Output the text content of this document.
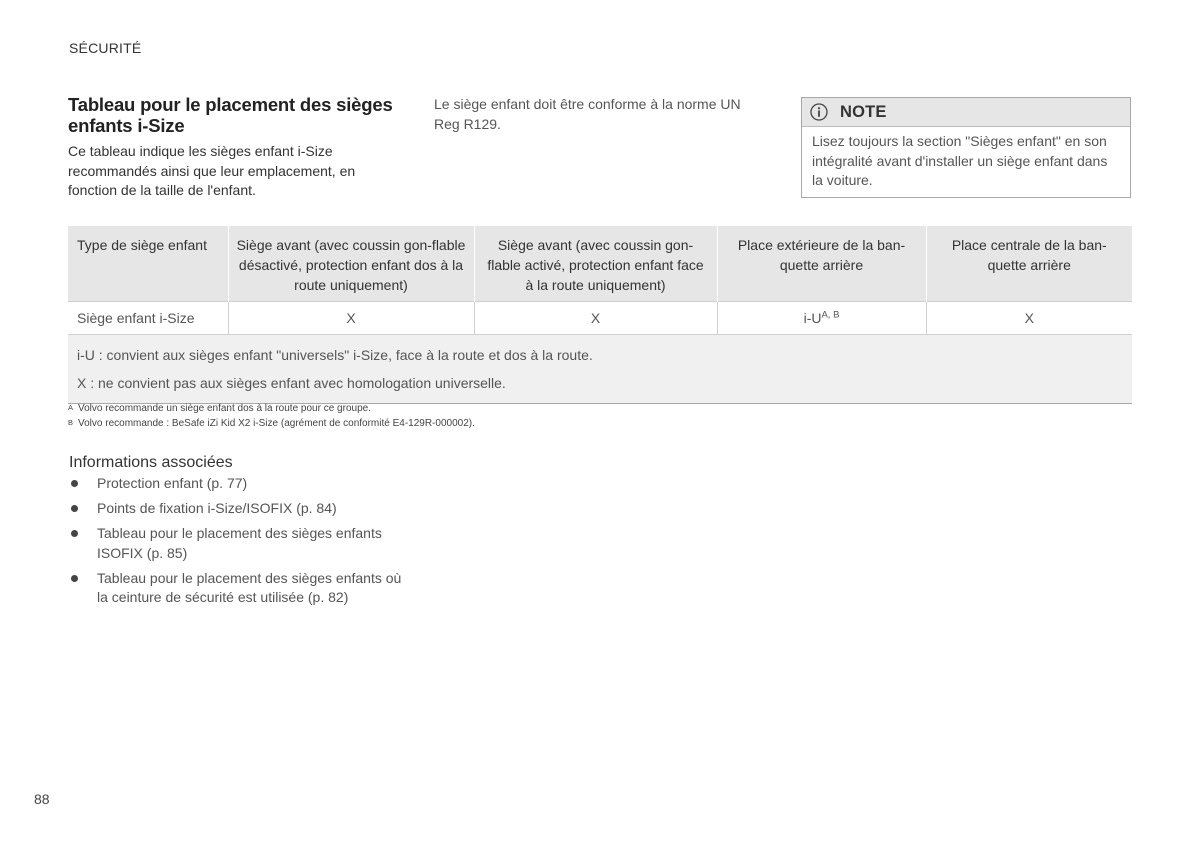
SÉCURITÉ
Tableau pour le placement des sièges enfants i-Size

Ce tableau indique les sièges enfant i-Size recommandés ainsi que leur emplacement, en fonction de la taille de l'enfant.

Le siège enfant doit être conforme à la norme UN Reg R129.
NOTE
Lisez toujours la section "Sièges enfant" en son intégralité avant d'installer un siège enfant dans la voiture.
Type de siège enfant	Siège avant (avec coussin gon-flable désactivé, protection enfant dos à la route uniquement)	Siège avant (avec coussin gon-flable activé, protection enfant face à la route uniquement)	Place extérieure de la ban-quette arrière	Place centrale de la ban-quette arrière
Siège enfant i-Size	X	X	i-U$^{A, B}$	X

i-U : convient aux sièges enfant "universels" i-Size, face à la route et dos à la route.
X : ne convient pas aux sièges enfant avec homologation universelle.				
A Volvo recommande un siège enfant dos à la route pour ce groupe.
B Volvo recommande : BeSafe iZi Kid X2 i-Size (agrément de conformité E4-129R-000002).
Informations associées
Protection enfant (p. 77)
Points de fixation i-Size/ISOFIX (p. 84)
Tableau pour le placement des sièges enfants ISOFIX (p. 85)
Tableau pour le placement des sièges enfants où la ceinture de sécurité est utilisée (p. 82)
88
